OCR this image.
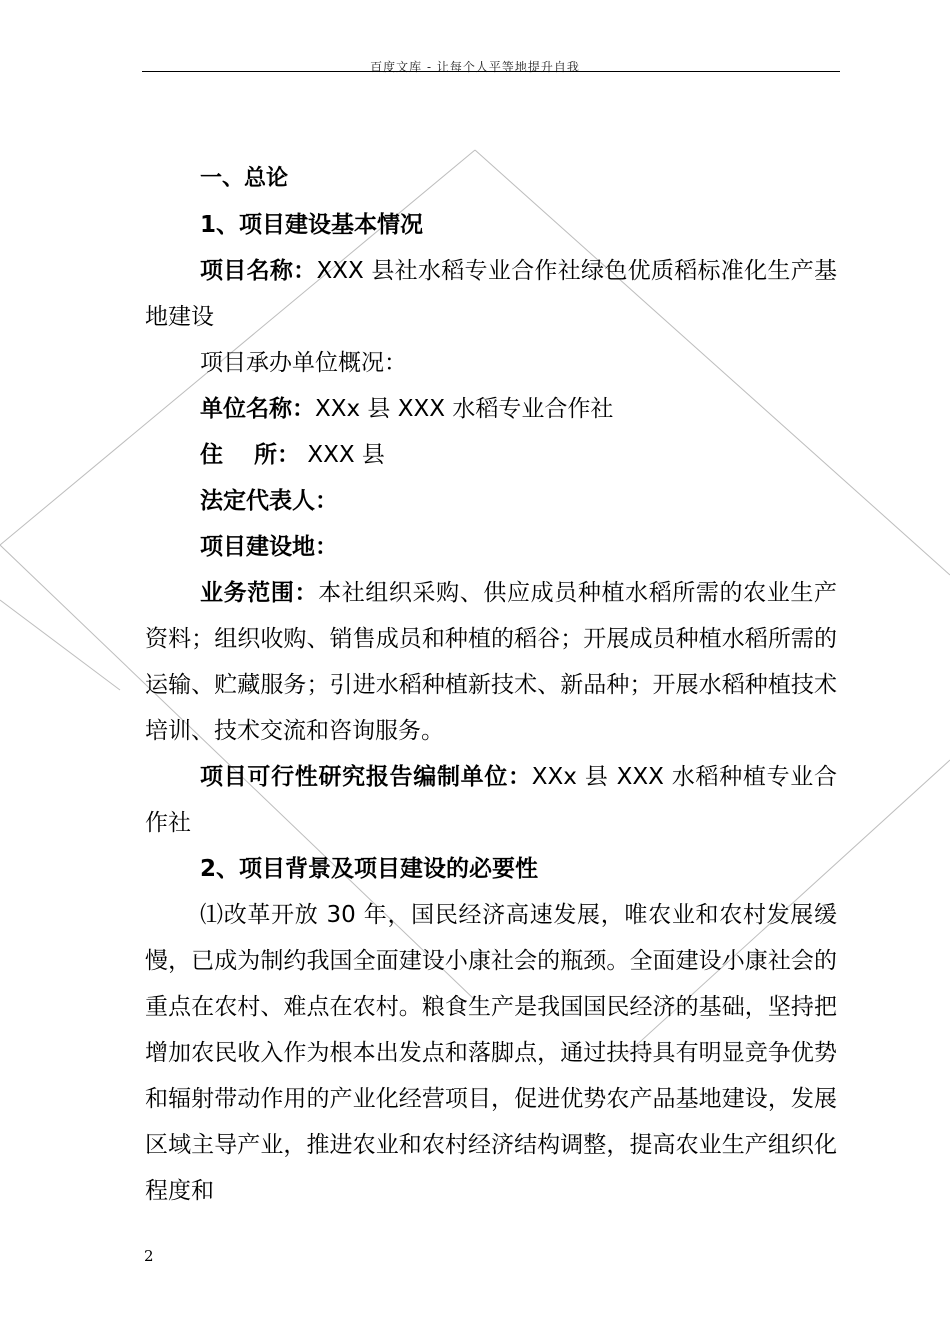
百度文库 - 让每个人平等地提升自我

一、总论

1、项目建设基本情况

项目名称：XXX 县社水稻专业合作社绿色优质稻标准化生产基地建设

项目承办单位概况：

单位名称：XXx 县 XXX 水稻专业合作社

住　 所： XXX 县

法定代表人：

项目建设地：

业务范围：本社组织采购、供应成员种植水稻所需的农业生产资料；组织收购、销售成员和种植的稻谷；开展成员种植水稻所需的运输、贮藏服务；引进水稻种植新技术、新品种；开展水稻种植技术培训、技术交流和咨询服务。

项目可行性研究报告编制单位：XXx 县 XXX 水稻种植专业合作社

2、项目背景及项目建设的必要性

⑴改革开放 30 年，国民经济高速发展，唯农业和农村发展缓慢，已成为制约我国全面建设小康社会的瓶颈。全面建设小康社会的重点在农村、难点在农村。粮食生产是我国国民经济的基础，坚持把增加农民收入作为根本出发点和落脚点，通过扶持具有明显竞争优势和辐射带动作用的产业化经营项目，促进优势农产品基地建设，发展区域主导产业，推进农业和农村经济结构调整，提高农业生产组织化程度和

2
